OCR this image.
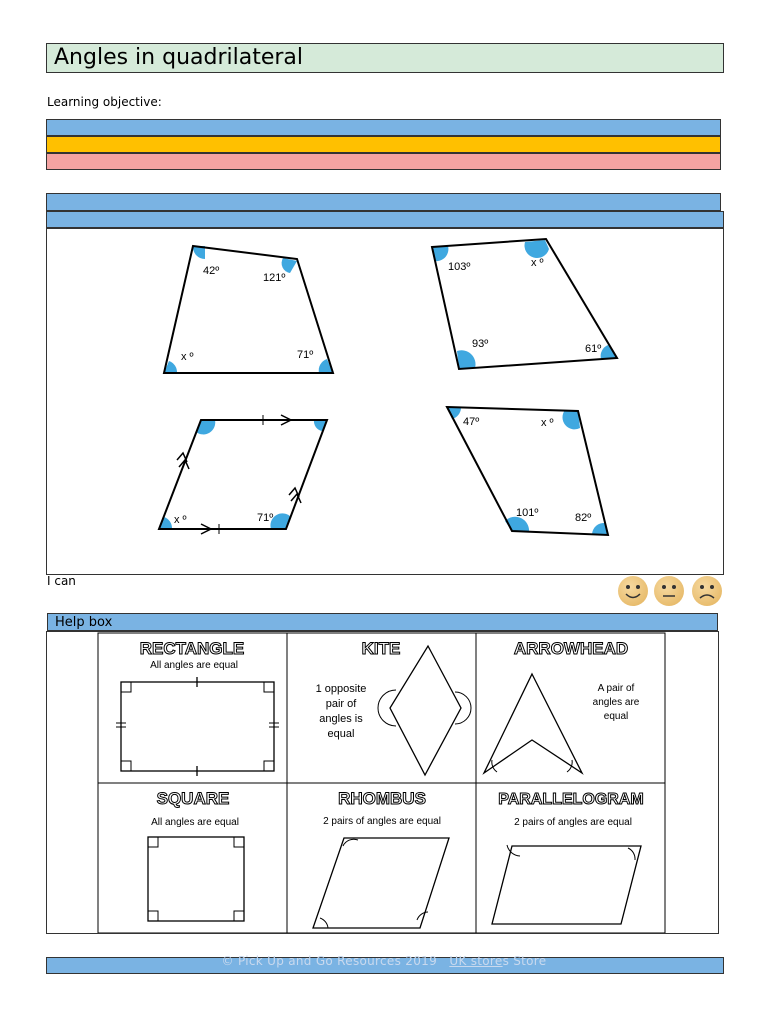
Angles in quadrilateral
Learning objective:
42º
121º
x º	71º
103º	x º
93º	61º
x º	71º
47º	x º
101º	82º
I can
Help box
RECTANGLE
All angles are equal
KITE
1 opposite
pair of
angles is
equal
ARROWHEAD
A pair of
angles are
equal
SQUARE
All angles are equal
RHOMBUS
2 pairs of angles are equal
PARALLELOGRAM
2 pairs of angles are equal
© Pick Up and Go Resources 2019 UK stores Store
